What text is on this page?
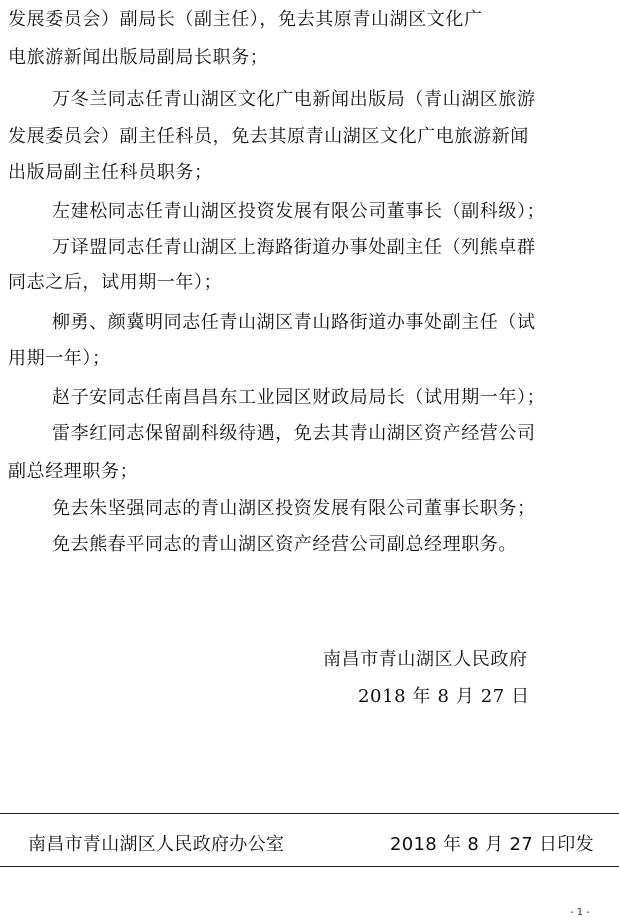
发展委员会）副局长（副主任），免去其原青山湖区文化广
电旅游新闻出版局副局长职务；
万冬兰同志任青山湖区文化广电新闻出版局（青山湖区旅游
发展委员会）副主任科员，免去其原青山湖区文化广电旅游新闻
出版局副主任科员职务；
左建松同志任青山湖区投资发展有限公司董事长（副科级）；
万译盟同志任青山湖区上海路街道办事处副主任（列熊卓群
同志之后，试用期一年）；
柳勇、颜冀明同志任青山湖区青山路街道办事处副主任（试
用期一年）；
赵子安同志任南昌昌东工业园区财政局局长（试用期一年）；
雷李红同志保留副科级待遇，免去其青山湖区资产经营公司
副总经理职务；
免去朱坚强同志的青山湖区投资发展有限公司董事长职务；
免去熊春平同志的青山湖区资产经营公司副总经理职务。
南昌市青山湖区人民政府
2018 年 8 月 27 日
南昌市青山湖区人民政府办公室	2018 年 8 月 27 日印发
- 1 -
